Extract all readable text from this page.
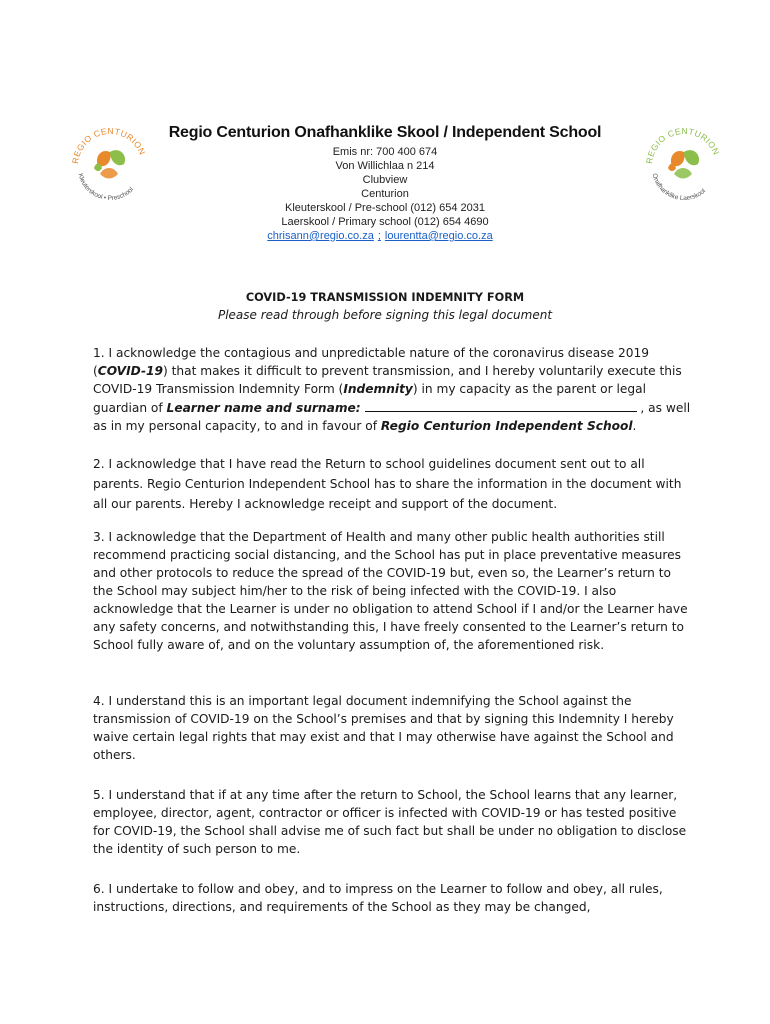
REGIO CENTURION
Kleuterskool • Preschool
REGIO CENTURION
Onafhanklike Laerskool
Regio Centurion Onafhanklike Skool / Independent School
Emis nr: 700 400 674
Von Willichlaa n 214
Clubview
Centurion
Kleuterskool / Pre-school (012) 654 2031
Laerskool / Primary school (012) 654 4690
chrisann@regio.co.za ; lourentta@regio.co.za
COVID-19 TRANSMISSION INDEMNITY FORM
Please read through before signing this legal document

1. I acknowledge the contagious and unpredictable nature of the coronavirus disease 2019 (COVID-19) that makes it difficult to prevent transmission, and I hereby voluntarily execute this COVID-19 Transmission Indemnity Form (Indemnity) in my capacity as the parent or legal guardian of Learner name and surname:	, as well as in my personal capacity, to and in favour of Regio Centurion Independent School.

2. I acknowledge that I have read the Return to school guidelines document sent out to all parents. Regio Centurion Independent School has to share the information in the document with all our parents. Hereby I acknowledge receipt and support of the document.

3. I acknowledge that the Department of Health and many other public health authorities still recommend practicing social distancing, and the School has put in place preventative measures and other protocols to reduce the spread of the COVID-19 but, even so, the Learner’s return to the School may subject him/her to the risk of being infected with the COVID-19. I also acknowledge that the Learner is under no obligation to attend School if I and/or the Learner have any safety concerns, and notwithstanding this, I have freely consented to the Learner’s return to School fully aware of, and on the voluntary assumption of, the aforementioned risk.

4. I understand this is an important legal document indemnifying the School against the transmission of COVID-19 on the School’s premises and that by signing this Indemnity I hereby waive certain legal rights that may exist and that I may otherwise have against the School and others.

5. I understand that if at any time after the return to School, the School learns that any learner, employee, director, agent, contractor or officer is infected with COVID-19 or has tested positive for COVID-19, the School shall advise me of such fact but shall be under no obligation to disclose the identity of such person to me.

6. I undertake to follow and obey, and to impress on the Learner to follow and obey, all rules, instructions, directions, and requirements of the School as they may be changed,
